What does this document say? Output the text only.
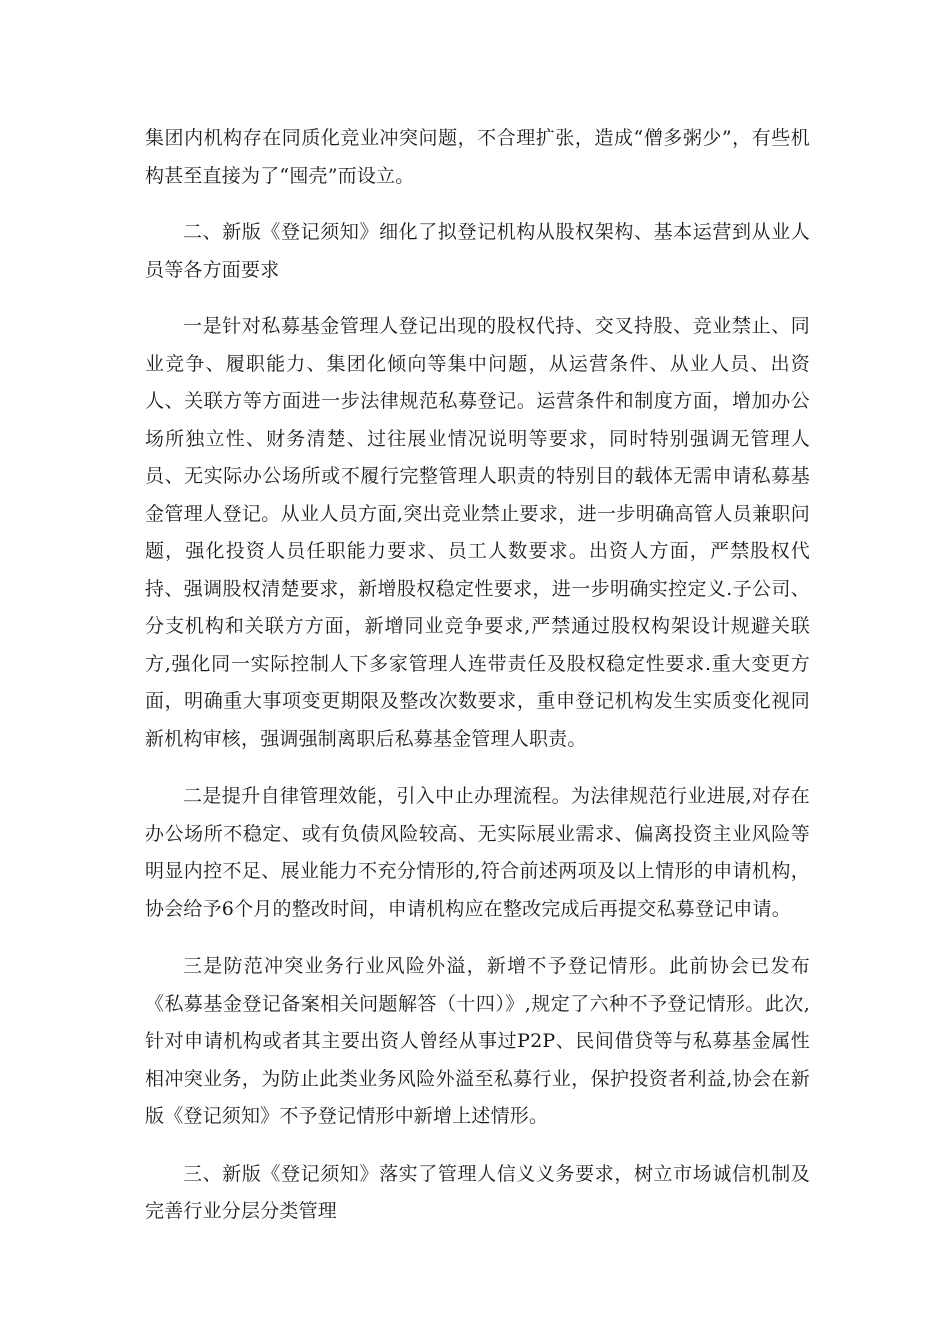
集团内机构存在同质化竞业冲突问题，不合理扩张，造成“僧多粥少”，有些机构甚至直接为了“囤壳”而设立。

二、新版《登记须知》细化了拟登记机构从股权架构、基本运营到从业人员等各方面要求

一是针对私募基金管理人登记出现的股权代持、交叉持股、竞业禁止、同业竞争、履职能力、集团化倾向等集中问题，从运营条件、从业人员、出资人、关联方等方面进一步法律规范私募登记。运营条件和制度方面，增加办公场所独立性、财务清楚、过往展业情况说明等要求，同时特别强调无管理人员、无实际办公场所或不履行完整管理人职责的特别目的载体无需申请私募基金管理人登记。从业人员方面,突出竞业禁止要求，进一步明确高管人员兼职问题，强化投资人员任职能力要求、员工人数要求。出资人方面，严禁股权代持、强调股权清楚要求，新增股权稳定性要求，进一步明确实控定义.子公司、分支机构和关联方方面，新增同业竞争要求,严禁通过股权构架设计规避关联方,强化同一实际控制人下多家管理人连带责任及股权稳定性要求.重大变更方面，明确重大事项变更期限及整改次数要求，重申登记机构发生实质变化视同新机构审核，强调强制离职后私募基金管理人职责。

二是提升自律管理效能，引入中止办理流程。为法律规范行业进展,对存在办公场所不稳定、或有负债风险较高、无实际展业需求、偏离投资主业风险等明显内控不足、展业能力不充分情形的,符合前述两项及以上情形的申请机构，协会给予6个月的整改时间，申请机构应在整改完成后再提交私募登记申请。

三是防范冲突业务行业风险外溢，新增不予登记情形。此前协会已发布《私募基金登记备案相关问题解答（十四）》,规定了六种不予登记情形。此次,针对申请机构或者其主要出资人曾经从事过P2P、民间借贷等与私募基金属性相冲突业务，为防止此类业务风险外溢至私募行业，保护投资者利益,协会在新版《登记须知》不予登记情形中新增上述情形。

三、新版《登记须知》落实了管理人信义义务要求，树立市场诚信机制及完善行业分层分类管理
